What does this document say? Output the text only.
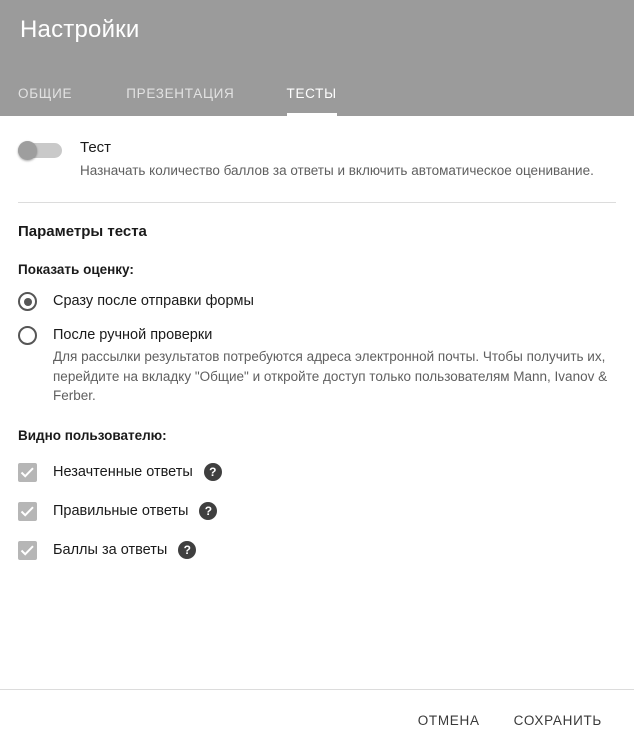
Настройки
ОБЩИЕ	ПРЕЗЕНТАЦИЯ	ТЕСТЫ
Тест
Назначать количество баллов за ответы и включить автоматическое оценивание.
Параметры теста
Показать оценку:
Сразу после отправки формы
После ручной проверки
Для рассылки результатов потребуются адреса электронной почты. Чтобы получить их, перейдите на вкладку "Общие" и откройте доступ только пользователям Mann, Ivanov & Ferber.
Видно пользователю:
Незачтенные ответы	?
Правильные ответы	?
Баллы за ответы	?
ОТМЕНА	СОХРАНИТЬ
